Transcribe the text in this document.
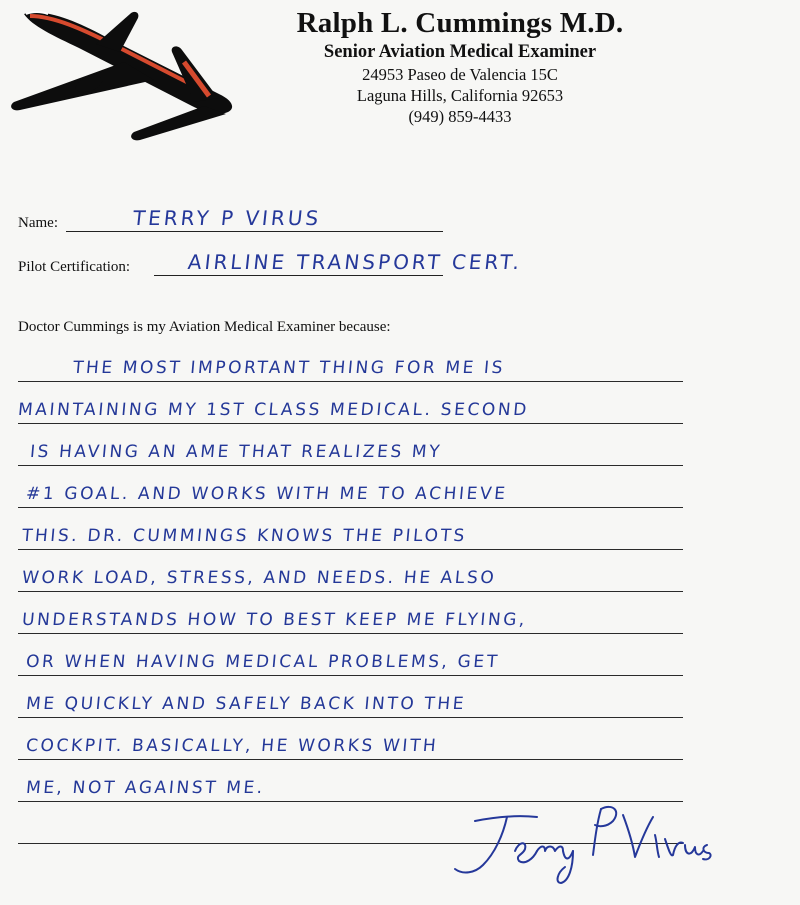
Ralph L. Cummings M.D.
Senior Aviation Medical Examiner
24953 Paseo de Valencia 15C
Laguna Hills, California 92653
(949) 859-4433
Name:	TERRY P VIRUS
Pilot Certification:	AIRLINE TRANSPORT CERT.
Doctor Cummings is my Aviation Medical Examiner because:
THE MOST IMPORTANT THING FOR ME IS
MAINTAINING MY 1ST CLASS MEDICAL. SECOND
IS HAVING AN AME THAT REALIZES MY
#1 GOAL. AND WORKS WITH ME TO ACHIEVE
THIS. DR. CUMMINGS KNOWS THE PILOTS
WORK LOAD, STRESS, AND NEEDS. HE ALSO
UNDERSTANDS HOW TO BEST KEEP ME FLYING,
OR WHEN HAVING MEDICAL PROBLEMS, GET
ME QUICKLY AND SAFELY BACK INTO THE
COCKPIT. BASICALLY, HE WORKS WITH
ME, NOT AGAINST ME.
